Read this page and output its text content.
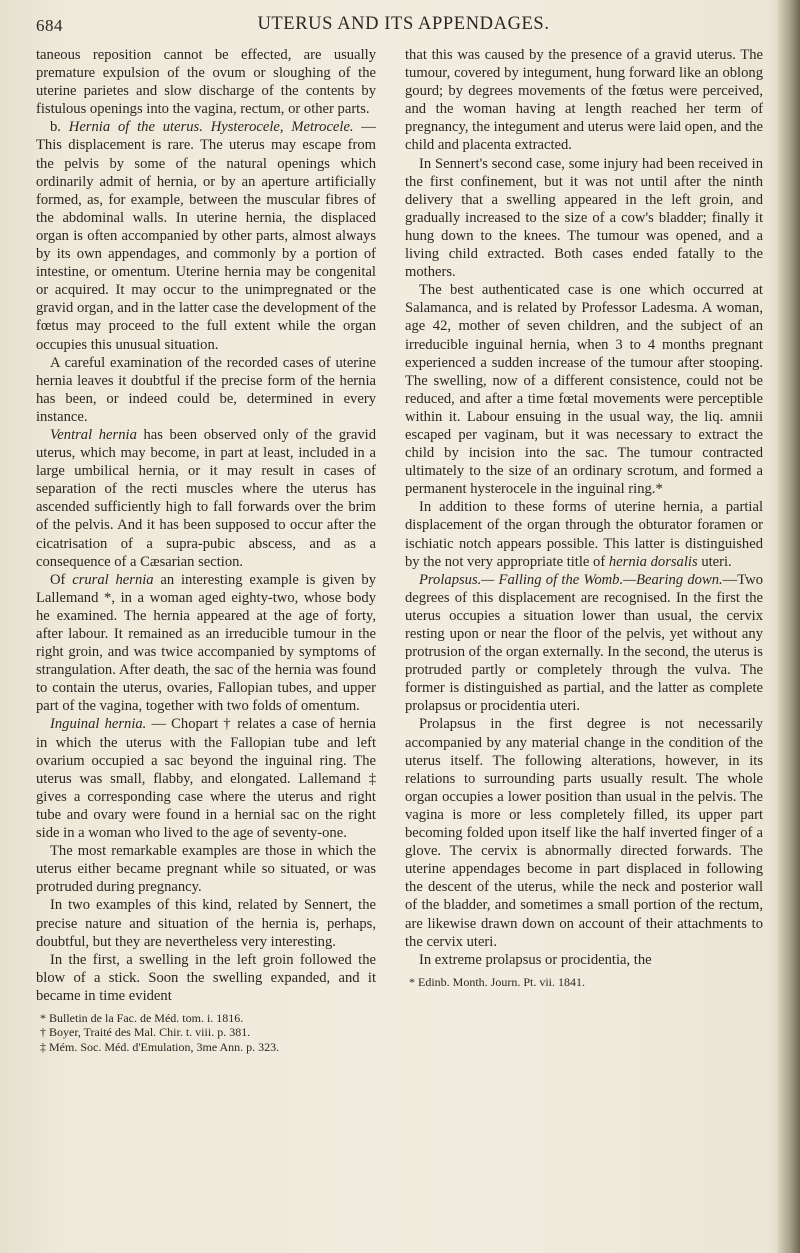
684	UTERUS AND ITS APPENDAGES.

taneous reposition cannot be effected, are usually premature expulsion of the ovum or sloughing of the uterine parietes and slow discharge of the contents by fistulous openings into the vagina, rectum, or other parts.

b. Hernia of the uterus. Hysterocele, Metrocele. — This displacement is rare. The uterus may escape from the pelvis by some of the natural openings which ordinarily admit of hernia, or by an aperture artificially formed, as, for example, between the muscular fibres of the abdominal walls. In uterine hernia, the displaced organ is often accompanied by other parts, almost always by its own appendages, and commonly by a portion of intestine, or omentum. Uterine hernia may be congenital or acquired. It may occur to the unimpregnated or the gravid organ, and in the latter case the development of the fœtus may proceed to the full extent while the organ occupies this unusual situation.

A careful examination of the recorded cases of uterine hernia leaves it doubtful if the precise form of the hernia has been, or indeed could be, determined in every instance.

Ventral hernia has been observed only of the gravid uterus, which may become, in part at least, included in a large umbilical hernia, or it may result in cases of separation of the recti muscles where the uterus has ascended sufficiently high to fall forwards over the brim of the pelvis. And it has been supposed to occur after the cicatrisation of a supra-pubic abscess, and as a consequence of a Cæsarian section.

Of crural hernia an interesting example is given by Lallemand *, in a woman aged eighty-two, whose body he examined. The hernia appeared at the age of forty, after labour. It remained as an irreducible tumour in the right groin, and was twice accompanied by symptoms of strangulation. After death, the sac of the hernia was found to contain the uterus, ovaries, Fallopian tubes, and upper part of the vagina, together with two folds of omentum.

Inguinal hernia. — Chopart † relates a case of hernia in which the uterus with the Fallopian tube and left ovarium occupied a sac beyond the inguinal ring. The uterus was small, flabby, and elongated. Lallemand ‡ gives a corresponding case where the uterus and right tube and ovary were found in a hernial sac on the right side in a woman who lived to the age of seventy-one.

The most remarkable examples are those in which the uterus either became pregnant while so situated, or was protruded during pregnancy.

In two examples of this kind, related by Sennert, the precise nature and situation of the hernia is, perhaps, doubtful, but they are nevertheless very interesting.

In the first, a swelling in the left groin followed the blow of a stick. Soon the swelling expanded, and it became in time evident

* Bulletin de la Fac. de Méd. tom. i. 1816.
† Boyer, Traité des Mal. Chir. t. viii. p. 381.
‡ Mém. Soc. Méd. d'Emulation, 3me Ann. p. 323.

that this was caused by the presence of a gravid uterus. The tumour, covered by integument, hung forward like an oblong gourd; by degrees movements of the fœtus were perceived, and the woman having at length reached her term of pregnancy, the integument and uterus were laid open, and the child and placenta extracted.

In Sennert's second case, some injury had been received in the first confinement, but it was not until after the ninth delivery that a swelling appeared in the left groin, and gradually increased to the size of a cow's bladder; finally it hung down to the knees. The tumour was opened, and a living child extracted. Both cases ended fatally to the mothers.

The best authenticated case is one which occurred at Salamanca, and is related by Professor Ladesma. A woman, age 42, mother of seven children, and the subject of an irreducible inguinal hernia, when 3 to 4 months pregnant experienced a sudden increase of the tumour after stooping. The swelling, now of a different consistence, could not be reduced, and after a time fœtal movements were perceptible within it. Labour ensuing in the usual way, the liq. amnii escaped per vaginam, but it was necessary to extract the child by incision into the sac. The tumour contracted ultimately to the size of an ordinary scrotum, and formed a permanent hysterocele in the inguinal ring.*

In addition to these forms of uterine hernia, a partial displacement of the organ through the obturator foramen or ischiatic notch appears possible. This latter is distinguished by the not very appropriate title of hernia dorsalis uteri.

Prolapsus.— Falling of the Womb.—Bearing down.—Two degrees of this displacement are recognised. In the first the uterus occupies a situation lower than usual, the cervix resting upon or near the floor of the pelvis, yet without any protrusion of the organ externally. In the second, the uterus is protruded partly or completely through the vulva. The former is distinguished as partial, and the latter as complete prolapsus or procidentia uteri.

Prolapsus in the first degree is not necessarily accompanied by any material change in the condition of the uterus itself. The following alterations, however, in its relations to surrounding parts usually result. The whole organ occupies a lower position than usual in the pelvis. The vagina is more or less completely filled, its upper part becoming folded upon itself like the half inverted finger of a glove. The cervix is abnormally directed forwards. The uterine appendages become in part displaced in following the descent of the uterus, while the neck and posterior wall of the bladder, and sometimes a small portion of the rectum, are likewise drawn down on account of their attachments to the cervix uteri.

In extreme prolapsus or procidentia, the

* Edinb. Month. Journ. Pt. vii. 1841.
